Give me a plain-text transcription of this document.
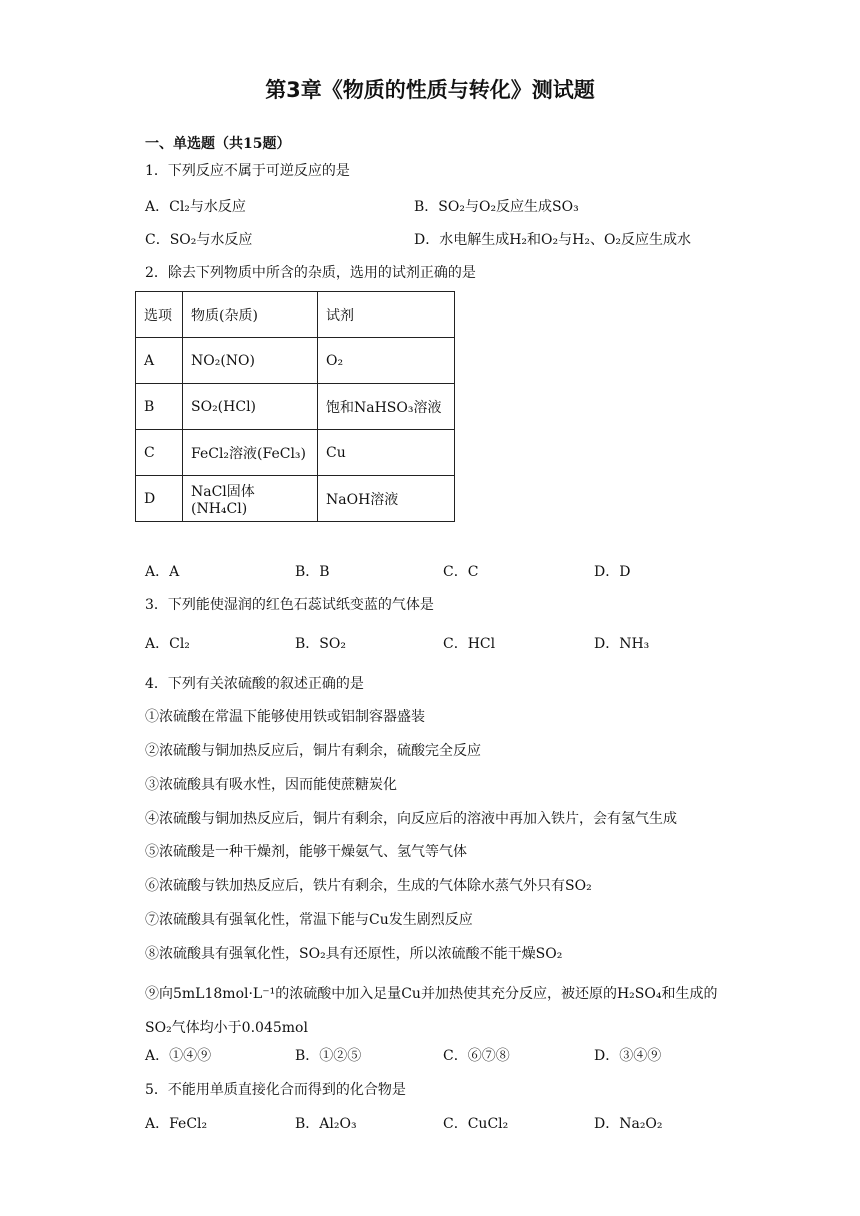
第3章《物质的性质与转化》测试题
一、单选题（共15题）
1．下列反应不属于可逆反应的是
A．Cl₂与水反应	B．SO₂与O₂反应生成SO₃
C．SO₂与水反应	D．水电解生成H₂和O₂与H₂、O₂反应生成水
2．除去下列物质中所含的杂质，选用的试剂正确的是
选项	物质(杂质)	试剂
A	NO₂(NO)	O₂
B	SO₂(HCl)	饱和NaHSO₃溶液
C	FeCl₂溶液(FeCl₃)	Cu
D	NaCl固体(NH₄Cl)	NaOH溶液
A．A	B．B	C．C	D．D
3．下列能使湿润的红色石蕊试纸变蓝的气体是
A．Cl₂	B．SO₂	C．HCl	D．NH₃
4．下列有关浓硫酸的叙述正确的是
①浓硫酸在常温下能够使用铁或铝制容器盛装
②浓硫酸与铜加热反应后，铜片有剩余，硫酸完全反应
③浓硫酸具有吸水性，因而能使蔗糖炭化
④浓硫酸与铜加热反应后，铜片有剩余，向反应后的溶液中再加入铁片，会有氢气生成
⑤浓硫酸是一种干燥剂，能够干燥氨气、氢气等气体
⑥浓硫酸与铁加热反应后，铁片有剩余，生成的气体除水蒸气外只有SO₂
⑦浓硫酸具有强氧化性，常温下能与Cu发生剧烈反应
⑧浓硫酸具有强氧化性，SO₂具有还原性，所以浓硫酸不能干燥SO₂
⑨向5mL18mol·L⁻¹的浓硫酸中加入足量Cu并加热使其充分反应，被还原的H₂SO₄和生成的SO₂气体均小于0.045mol
A．①④⑨	B．①②⑤	C．⑥⑦⑧	D．③④⑨
5．不能用单质直接化合而得到的化合物是
A．FeCl₂	B．Al₂O₃	C．CuCl₂	D．Na₂O₂
